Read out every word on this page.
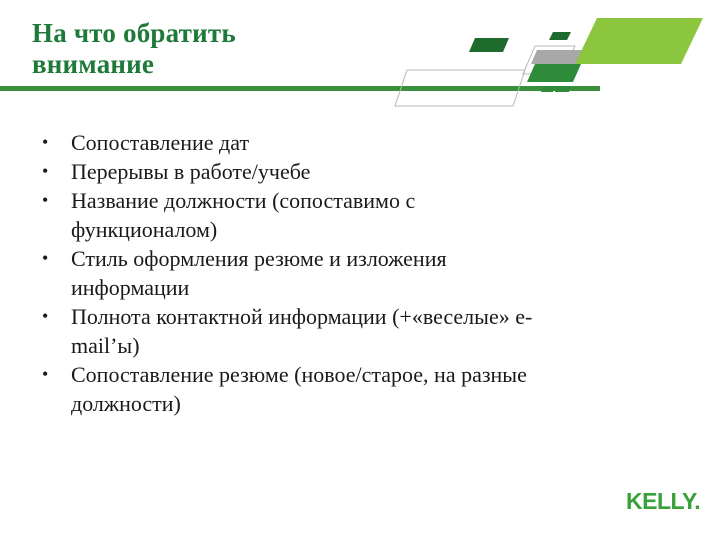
На что обратить
внимание
• Сопоставление дат
• Перерывы в работе/учебе
• Название должности (сопоставимо с
функционалом)
• Стиль оформления резюме и изложения
информации
• Полнота контактной информации (+«веселые» e-
mail’ы)
• Сопоставление резюме (новое/старое, на разные
должности)
KELLY.
